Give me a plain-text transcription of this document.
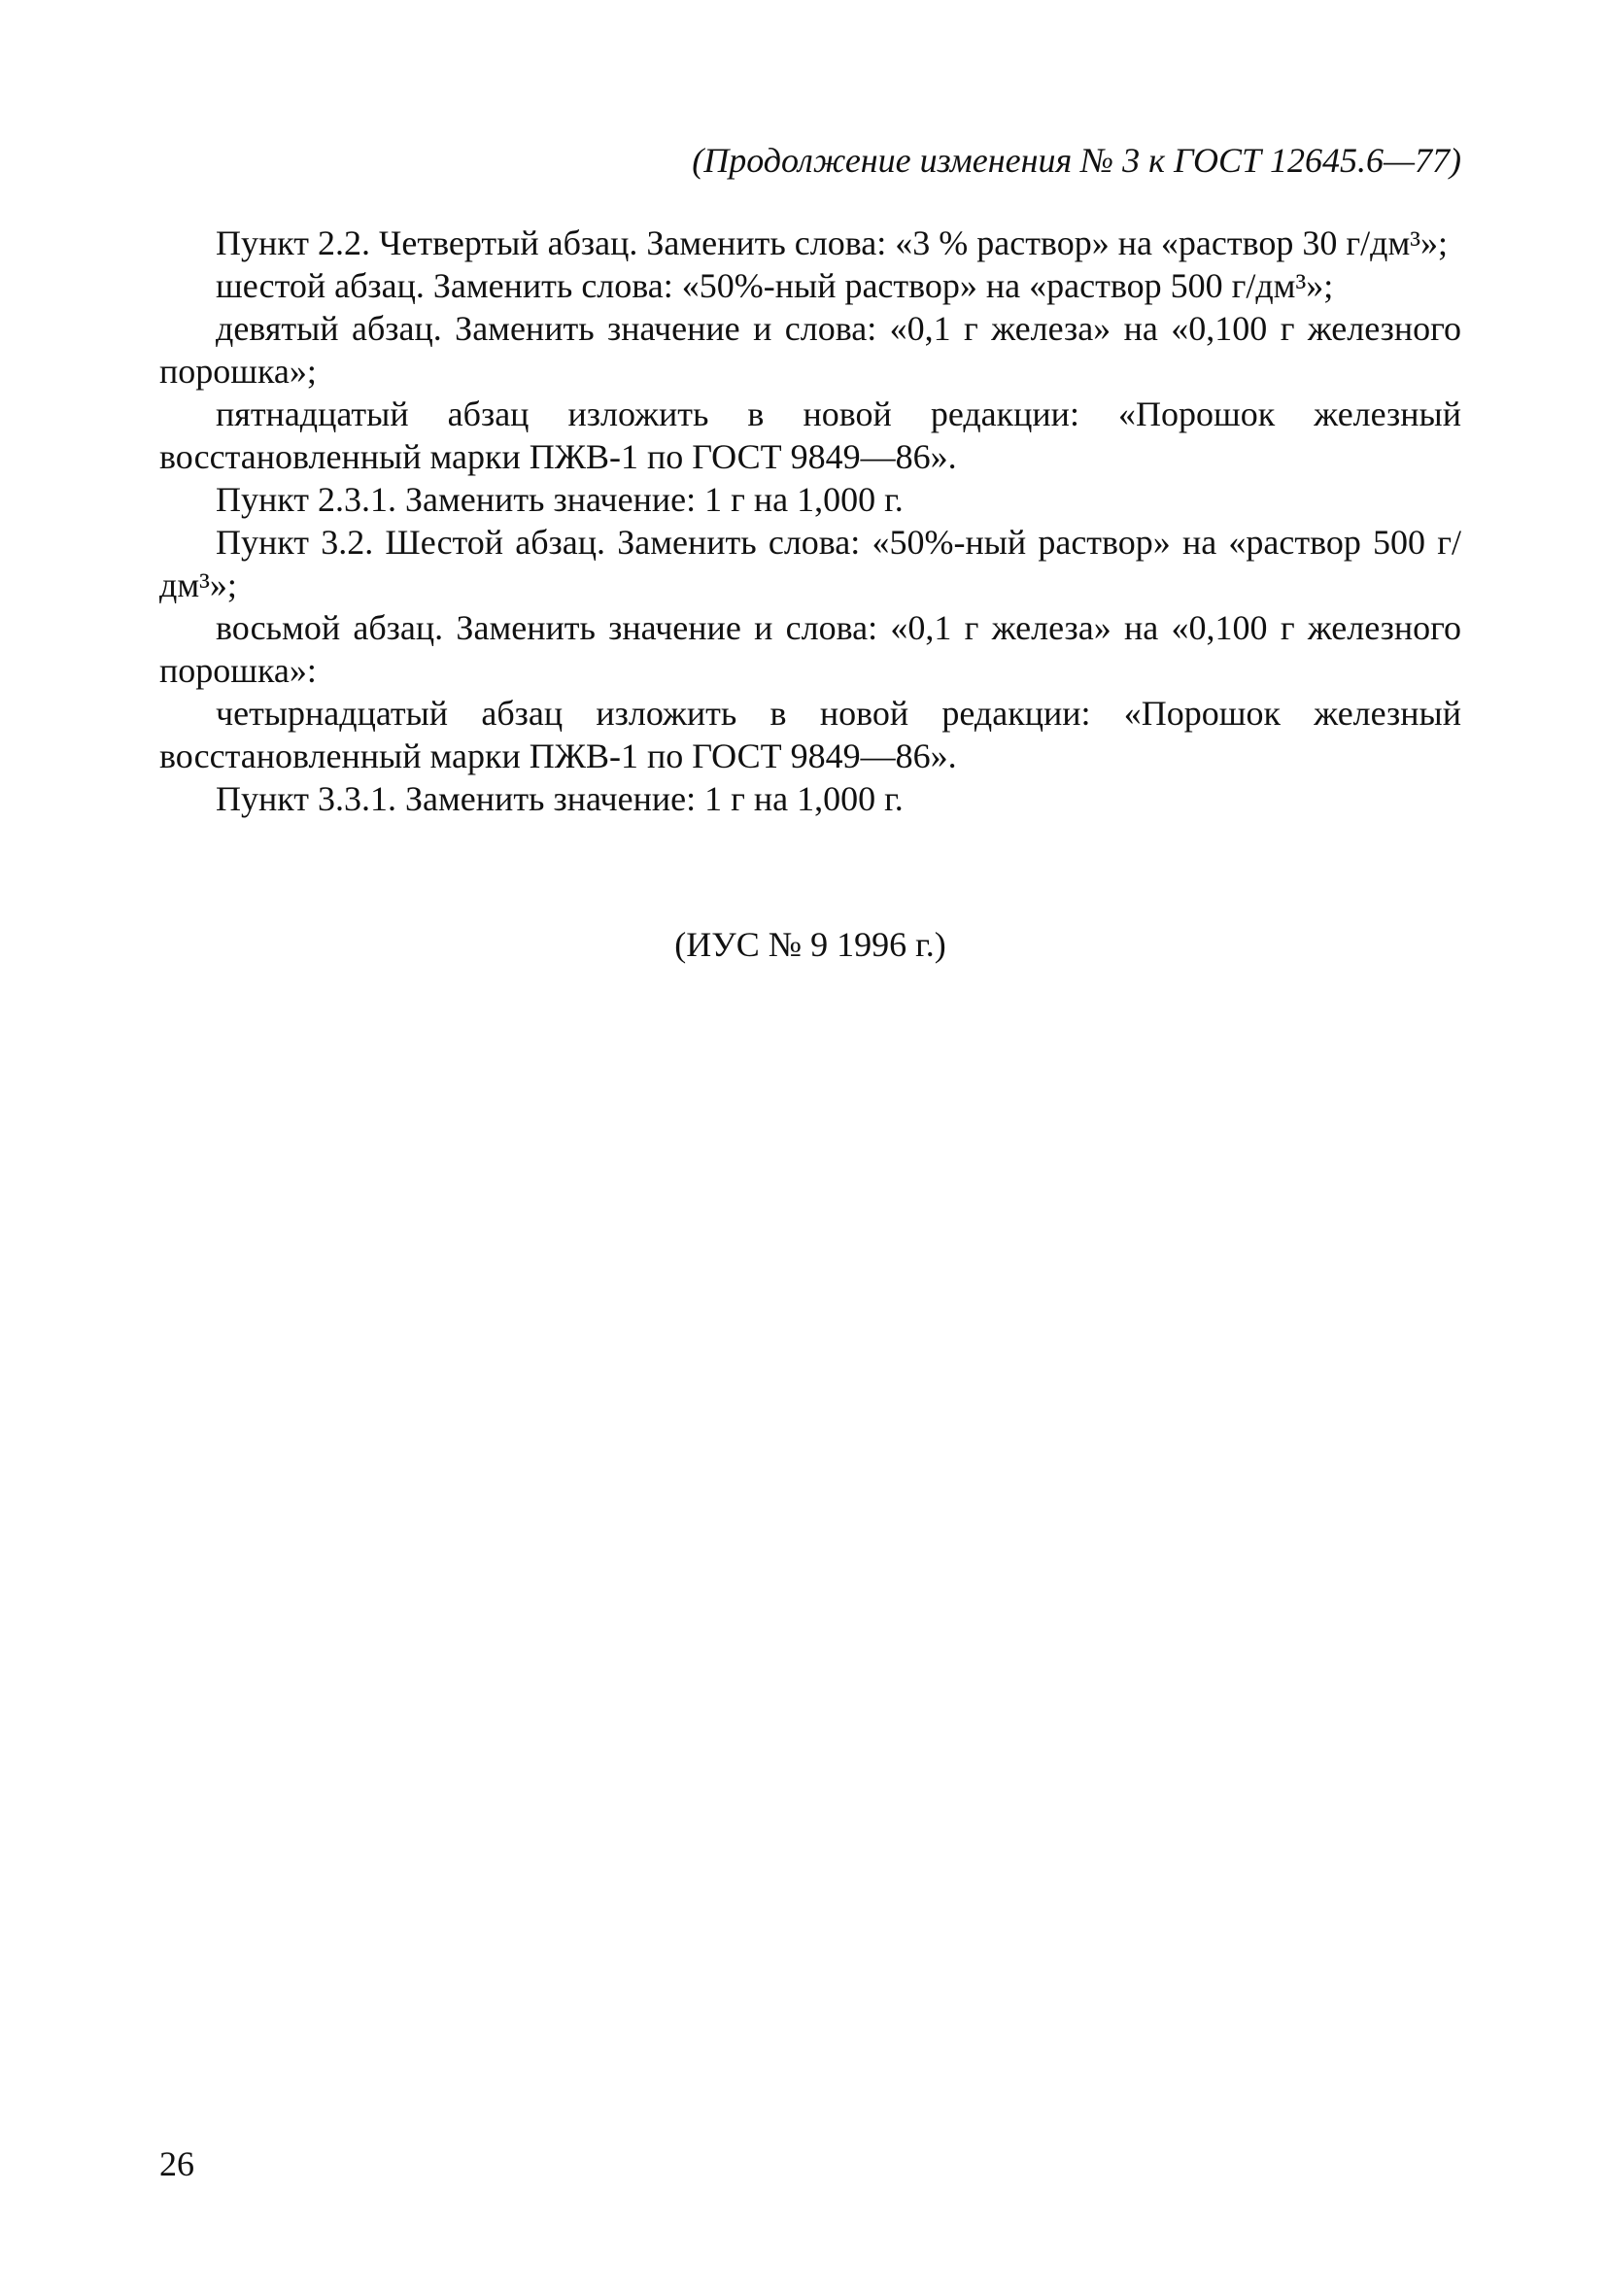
(Продолжение изменения № 3 к ГОСТ 12645.6—77)

Пункт 2.2. Четвертый абзац. Заменить слова: «3 % раствор» на «раствор 30 г/дм³»;

шестой абзац. Заменить слова: «50%-ный раствор» на «раствор 500 г/дм³»;

девятый абзац. Заменить значение и слова: «0,1 г железа» на «0,100 г железного порошка»;

пятнадцатый абзац изложить в новой редакции: «Порошок железный восстановленный марки ПЖВ-1 по ГОСТ 9849—86».

Пункт 2.3.1. Заменить значение: 1 г на 1,000 г.

Пункт 3.2. Шестой абзац. Заменить слова: «50%-ный раствор» на «раствор 500 г/дм³»;

восьмой абзац. Заменить значение и слова: «0,1 г железа» на «0,100 г железного порошка»:

четырнадцатый абзац изложить в новой редакции: «Порошок железный восстановленный марки ПЖВ-1 по ГОСТ 9849—86».

Пункт 3.3.1. Заменить значение: 1 г на 1,000 г.

(ИУС № 9 1996 г.)
26
